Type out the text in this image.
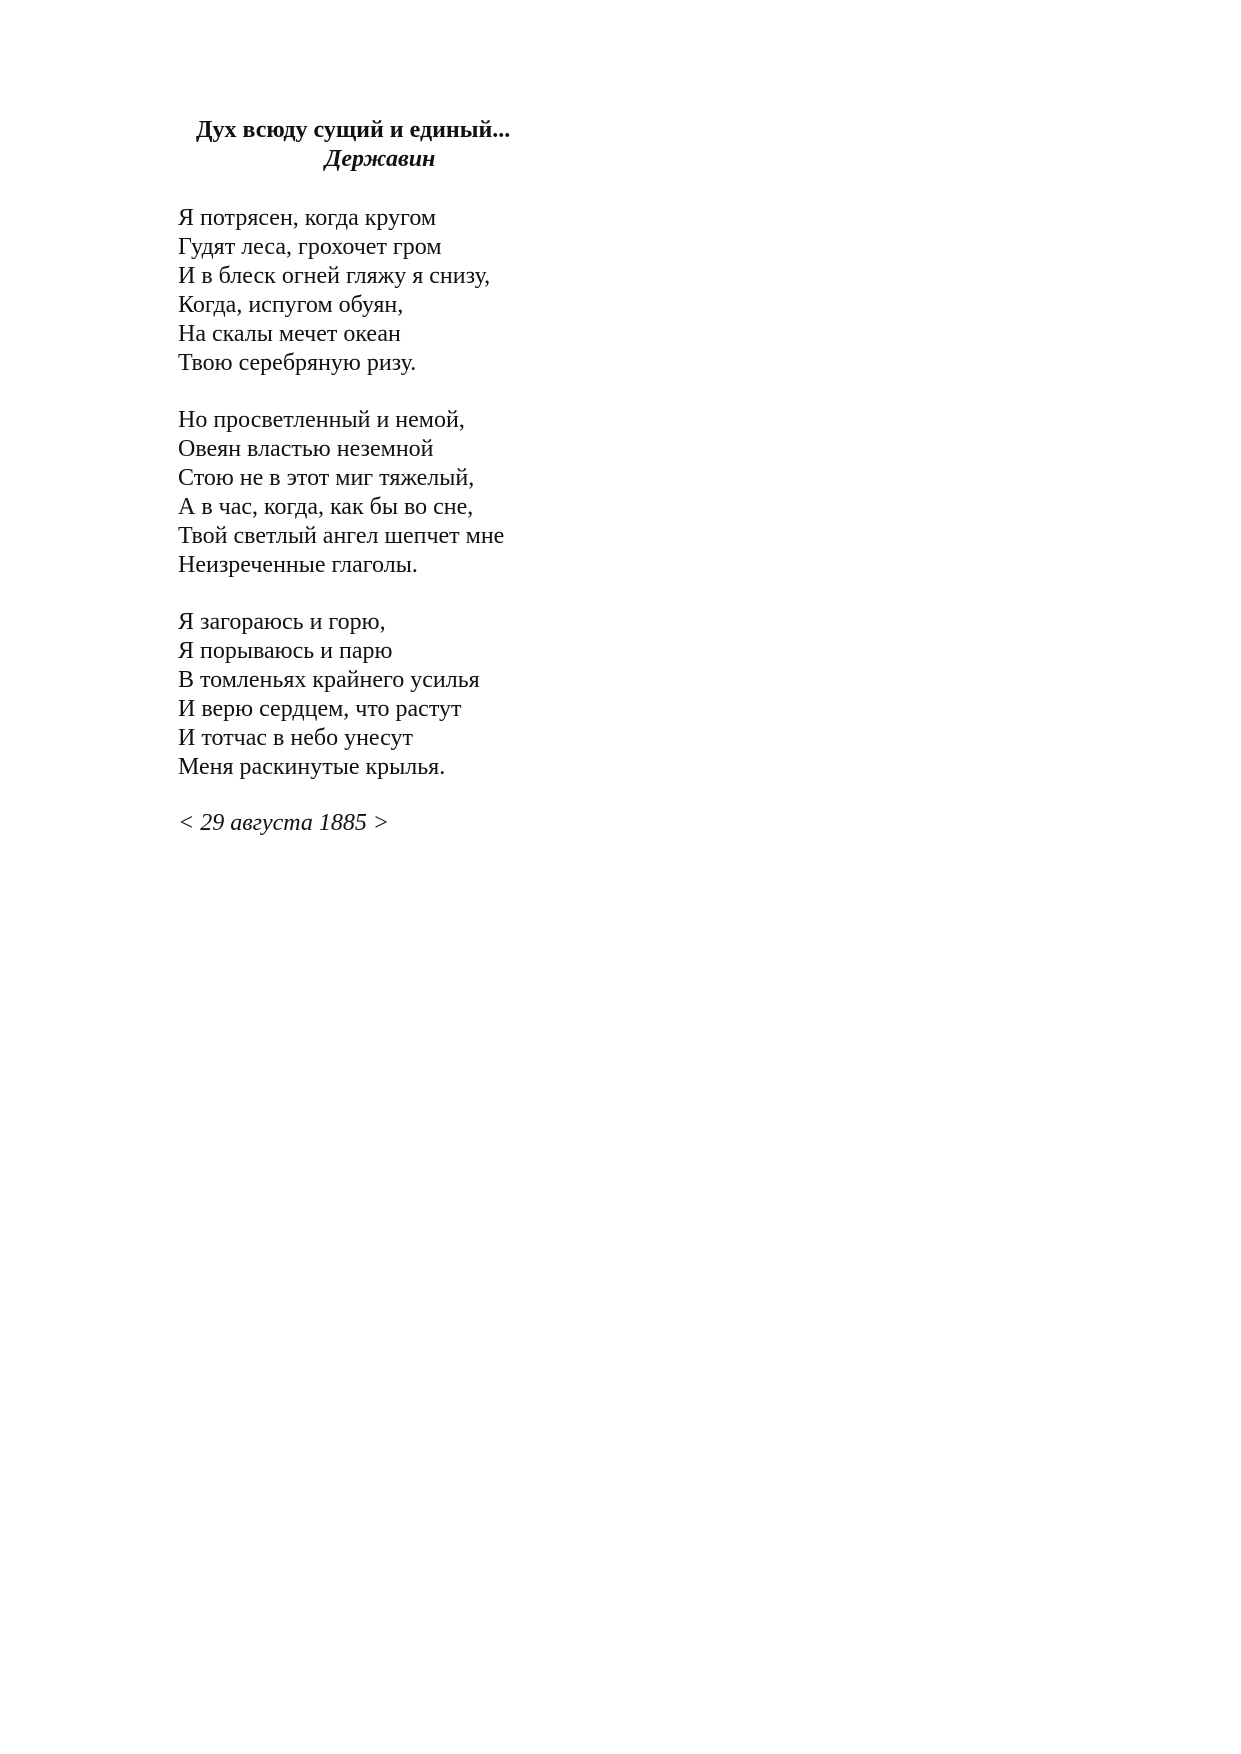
Дух всюду сущий и единый...
Державин
Я потрясен, когда кругом
Гудят леса, грохочет гром
И в блеск огней гляжу я снизу,
Когда, испугом обуян,
На скалы мечет океан
Твою серебряную ризу.
Но просветленный и немой,
Овеян властью неземной
Стою не в этот миг тяжелый,
А в час, когда, как бы во сне,
Твой светлый ангел шепчет мне
Неизреченные глаголы.
Я загораюсь и горю,
Я порываюсь и парю
В томленьях крайнего усилья
И верю сердцем, что растут
И тотчас в небо унесут
Меня раскинутые крылья.
< 29 августа 1885 >
